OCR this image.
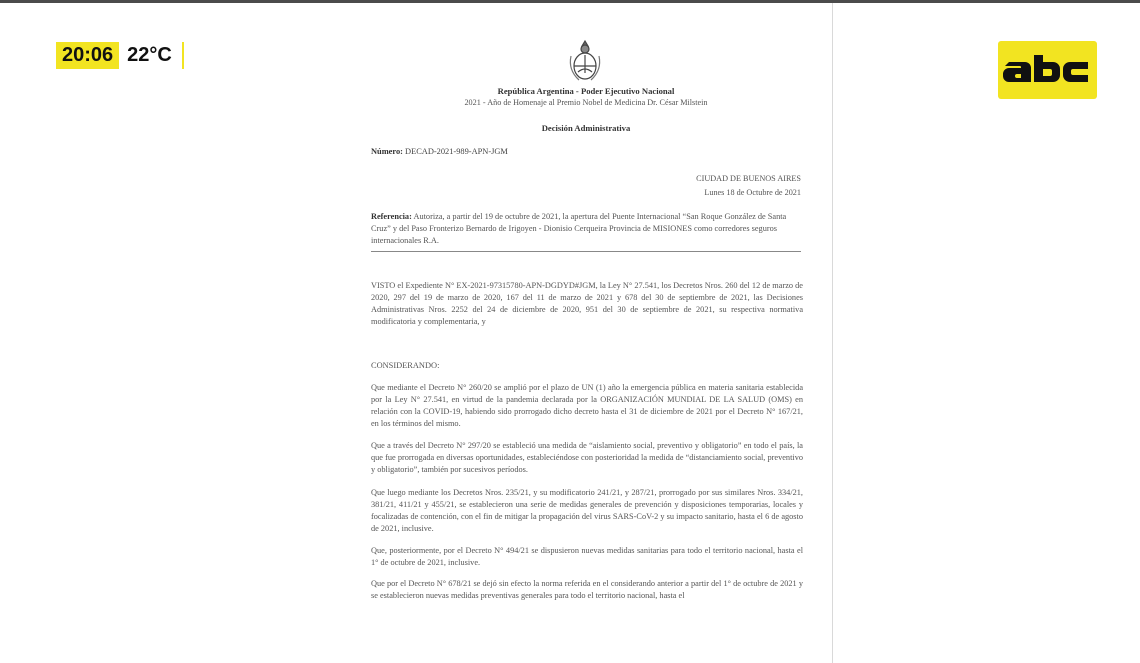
20:06 22°C
República Argentina - Poder Ejecutivo Nacional
2021 - Año de Homenaje al Premio Nobel de Medicina Dr. César Milstein
Decisión Administrativa
Número: DECAD-2021-989-APN-JGM
CIUDAD DE BUENOS AIRES
Lunes 18 de Octubre de 2021
Referencia: Autoriza, a partir del 19 de octubre de 2021, la apertura del Puente Internacional “San Roque González de Santa Cruz” y del Paso Fronterizo Bernardo de Irigoyen - Dionisio Cerqueira Provincia de MISIONES como corredores seguros internacionales R.A.
VISTO el Expediente N° EX-2021-97315780-APN-DGDYD#JGM, la Ley N° 27.541, los Decretos Nros. 260 del 12 de marzo de 2020, 297 del 19 de marzo de 2020, 167 del 11 de marzo de 2021 y 678 del 30 de septiembre de 2021, las Decisiones Administrativas Nros. 2252 del 24 de diciembre de 2020, 951 del 30 de septiembre de 2021, su respectiva normativa modificatoria y complementaria, y
CONSIDERANDO:
Que mediante el Decreto N° 260/20 se amplió por el plazo de UN (1) año la emergencia pública en materia sanitaria establecida por la Ley N° 27.541, en virtud de la pandemia declarada por la ORGANIZACIÓN MUNDIAL DE LA SALUD (OMS) en relación con la COVID-19, habiendo sido prorrogado dicho decreto hasta el 31 de diciembre de 2021 por el Decreto N° 167/21, en los términos del mismo.
Que a través del Decreto N° 297/20 se estableció una medida de “aislamiento social, preventivo y obligatorio” en todo el país, la que fue prorrogada en diversas oportunidades, estableciéndose con posterioridad la medida de “distanciamiento social, preventivo y obligatorio”, también por sucesivos períodos.
Que luego mediante los Decretos Nros. 235/21, y su modificatorio 241/21, y 287/21, prorrogado por sus similares Nros. 334/21, 381/21, 411/21 y 455/21, se establecieron una serie de medidas generales de prevención y disposiciones temporarias, locales y focalizadas de contención, con el fin de mitigar la propagación del virus SARS-CoV-2 y su impacto sanitario, hasta el 6 de agosto de 2021, inclusive.
Que, posteriormente, por el Decreto N° 494/21 se dispusieron nuevas medidas sanitarias para todo el territorio nacional, hasta el 1° de octubre de 2021, inclusive.
Que por el Decreto N° 678/21 se dejó sin efecto la norma referida en el considerando anterior a partir del 1° de octubre de 2021 y se establecieron nuevas medidas preventivas generales para todo el territorio nacional, hasta el
